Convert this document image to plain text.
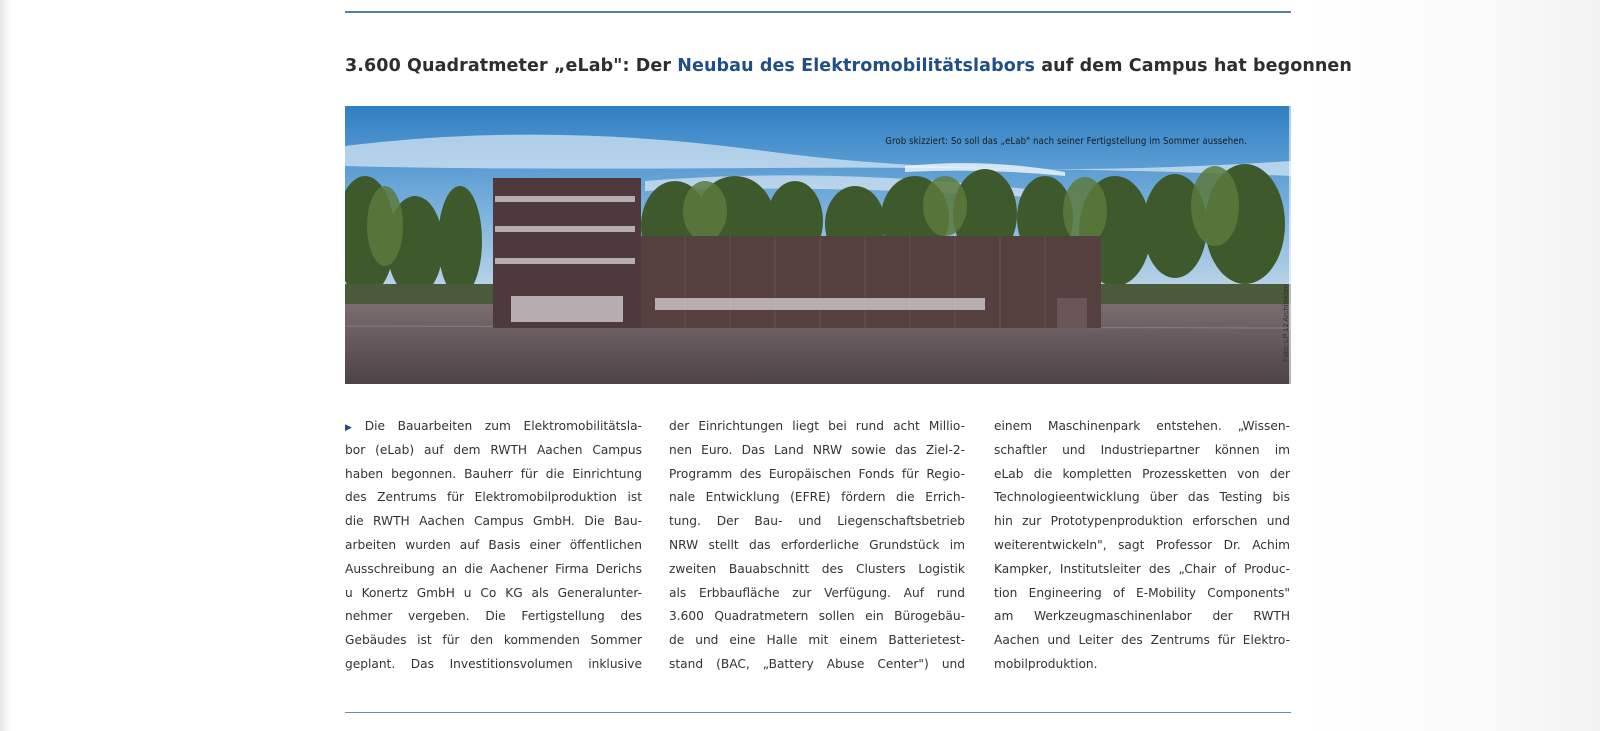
3.600 Quadratmeter „eLab": Der Neubau des Elektromobilitätslabors auf dem Campus hat begonnen
Grob skizziert: So soll das „eLab" nach seiner Fertigstellung im Sommer aussehen.
Foto: LP 12 Architekten
▶ Die Bauarbeiten zum Elektromobilitätsla-
bor (eLab) auf dem RWTH Aachen Campus
haben begonnen. Bauherr für die Einrichtung
des Zentrums für Elektromobilproduktion ist
die RWTH Aachen Campus GmbH. Die Bau-
arbeiten wurden auf Basis einer öffentlichen
Ausschreibung an die Aachener Firma Derichs
u Konertz GmbH u Co KG als Generalunter-
nehmer vergeben. Die Fertigstellung des
Gebäudes ist für den kommenden Sommer
geplant. Das Investitionsvolumen inklusive
der Einrichtungen liegt bei rund acht Millio-
nen Euro. Das Land NRW sowie das Ziel-2-
Programm des Europäischen Fonds für Regio-
nale Entwicklung (EFRE) fördern die Errich-
tung. Der Bau- und Liegenschaftsbetrieb
NRW stellt das erforderliche Grundstück im
zweiten Bauabschnitt des Clusters Logistik
als Erbbaufläche zur Verfügung. Auf rund
3.600 Quadratmetern sollen ein Bürogebäu-
de und eine Halle mit einem Batterietest-
stand (BAC, „Battery Abuse Center") und
einem Maschinenpark entstehen. „Wissen-
schaftler und Industriepartner können im
eLab die kompletten Prozessketten von der
Technologieentwicklung über das Testing bis
hin zur Prototypenproduktion erforschen und
weiterentwickeln", sagt Professor Dr. Achim
Kampker, Institutsleiter des „Chair of Produc-
tion Engineering of E-Mobility Components"
am Werkzeugmaschinenlabor der RWTH
Aachen und Leiter des Zentrums für Elektro-
mobilproduktion.
